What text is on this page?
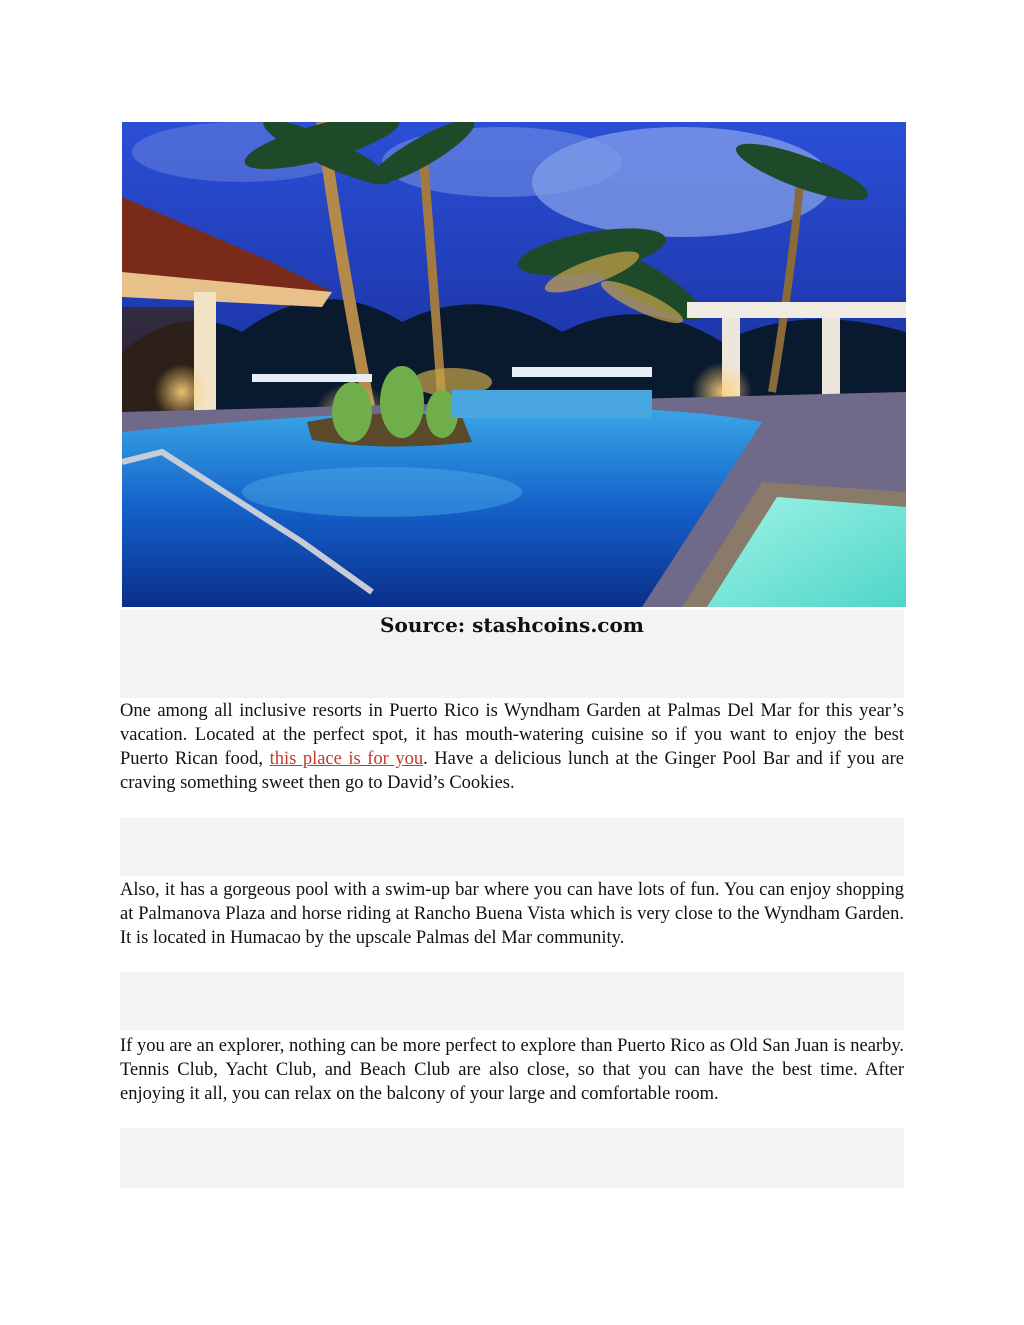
Source: stashcoins.com

One among all inclusive resorts in Puerto Rico is Wyndham Garden at Palmas Del Mar for this year’s vacation. Located at the perfect spot, it has mouth-watering cuisine so if you want to enjoy the best Puerto Rican food, this place is for you. Have a delicious lunch at the Ginger Pool Bar and if you are craving something sweet then go to David’s Cookies.

Also, it has a gorgeous pool with a swim-up bar where you can have lots of fun. You can enjoy shopping at Palmanova Plaza and horse riding at Rancho Buena Vista which is very close to the Wyndham Garden. It is located in Humacao by the upscale Palmas del Mar community.

If you are an explorer, nothing can be more perfect to explore than Puerto Rico as Old San Juan is nearby. Tennis Club, Yacht Club, and Beach Club are also close, so that you can have the best time. After enjoying it all, you can relax on the balcony of your large and comfortable room.
